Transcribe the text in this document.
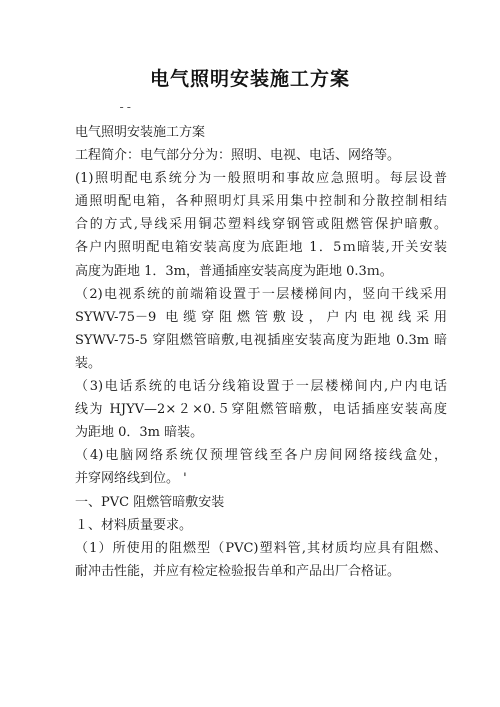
电气照明安装施工方案
--
电气照明安装施工方案
工程简介：电气部分分为：照明、电视、电话、网络等。
(1)照明配电系统分为一般照明和事故应急照明。每层设普
通照明配电箱，各种照明灯具采用集中控制和分散控制相结
合的方式,导线采用铜芯塑料线穿钢管或阻燃管保护暗敷。
各户内照明配电箱安装高度为底距地 1．5ｍ暗装,开关安装
高度为距地 1．3m，普通插座安装高度为距地 0.3ｍ。
（2)电视系统的前端箱设置于一层楼梯间内，竖向干线采用
SYWV-75－9 电缆穿阻燃管敷设，户内电视线采用
SYWV-75-5 穿阻燃管暗敷,电视插座安装高度为距地 0.3m 暗
装。
（3)电话系统的电话分线箱设置于一层楼梯间内,户内电话
线为 HJYV—2×２×0.５穿阻燃管暗敷，电话插座安装高度
为距地 0．3m 暗装。
（4)电脑网络系统仅预埋管线至各户房间网络接线盒处，
并穿网络线到位。 '
一、PVC 阻燃管暗敷安装
１、材料质量要求。
（1）所使用的阻燃型（PVC)塑料管,其材质均应具有阻燃、
耐冲击性能，并应有检定检验报告单和产品出厂合格证。
